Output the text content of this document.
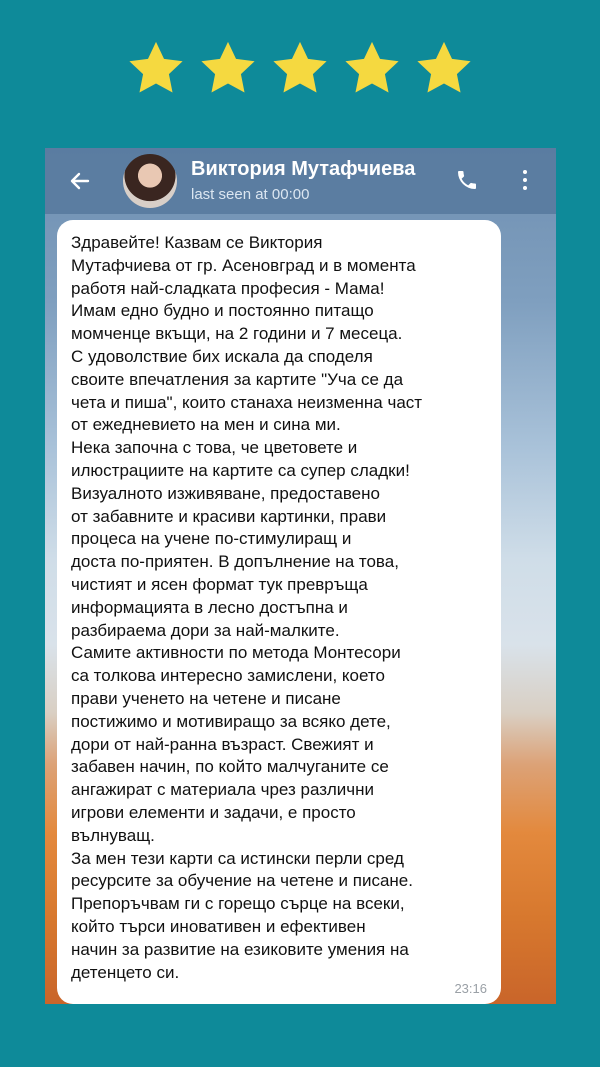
Виктория Мутафчиева
last seen at 00:00

Здравейте! Казвам се Виктория
Мутафчиева от гр. Асеновград и в момента
работя най-сладката професия - Мама!
Имам едно будно и постоянно питащо
момченце вкъщи, на 2 години и 7 месеца.
С удоволствие бих искала да споделя
своите впечатления за картите "Уча се да
чета и пиша", които станаха неизменна част
от ежедневието на мен и сина ми.
Нека започна с това, че цветовете и
илюстрациите на картите са супер сладки!
Визуалното изживяване, предоставено
от забавните и красиви картинки, прави
процеса на учене по-стимулиращ и
доста по-приятен. В допълнение на това,
чистият и ясен формат тук превръща
информацията в лесно достъпна и
разбираема дори за най-малките.
Самите активности по метода Монтесори
са толкова интересно замислени, което
прави ученето на четене и писане
постижимо и мотивиращо за всяко дете,
дори от най-ранна възраст. Свежият и
забавен начин, по който малчуганите се
ангажират с материала чрез различни
игрови елементи и задачи, е просто
вълнуващ.
За мен тези карти са истински перли сред
ресурсите за обучение на четене и писане.
Препоръчвам ги с горещо сърце на всеки,
който търси иновативен и ефективен
начин за развитие на езиковите умения на
детенцето си.

23:16
